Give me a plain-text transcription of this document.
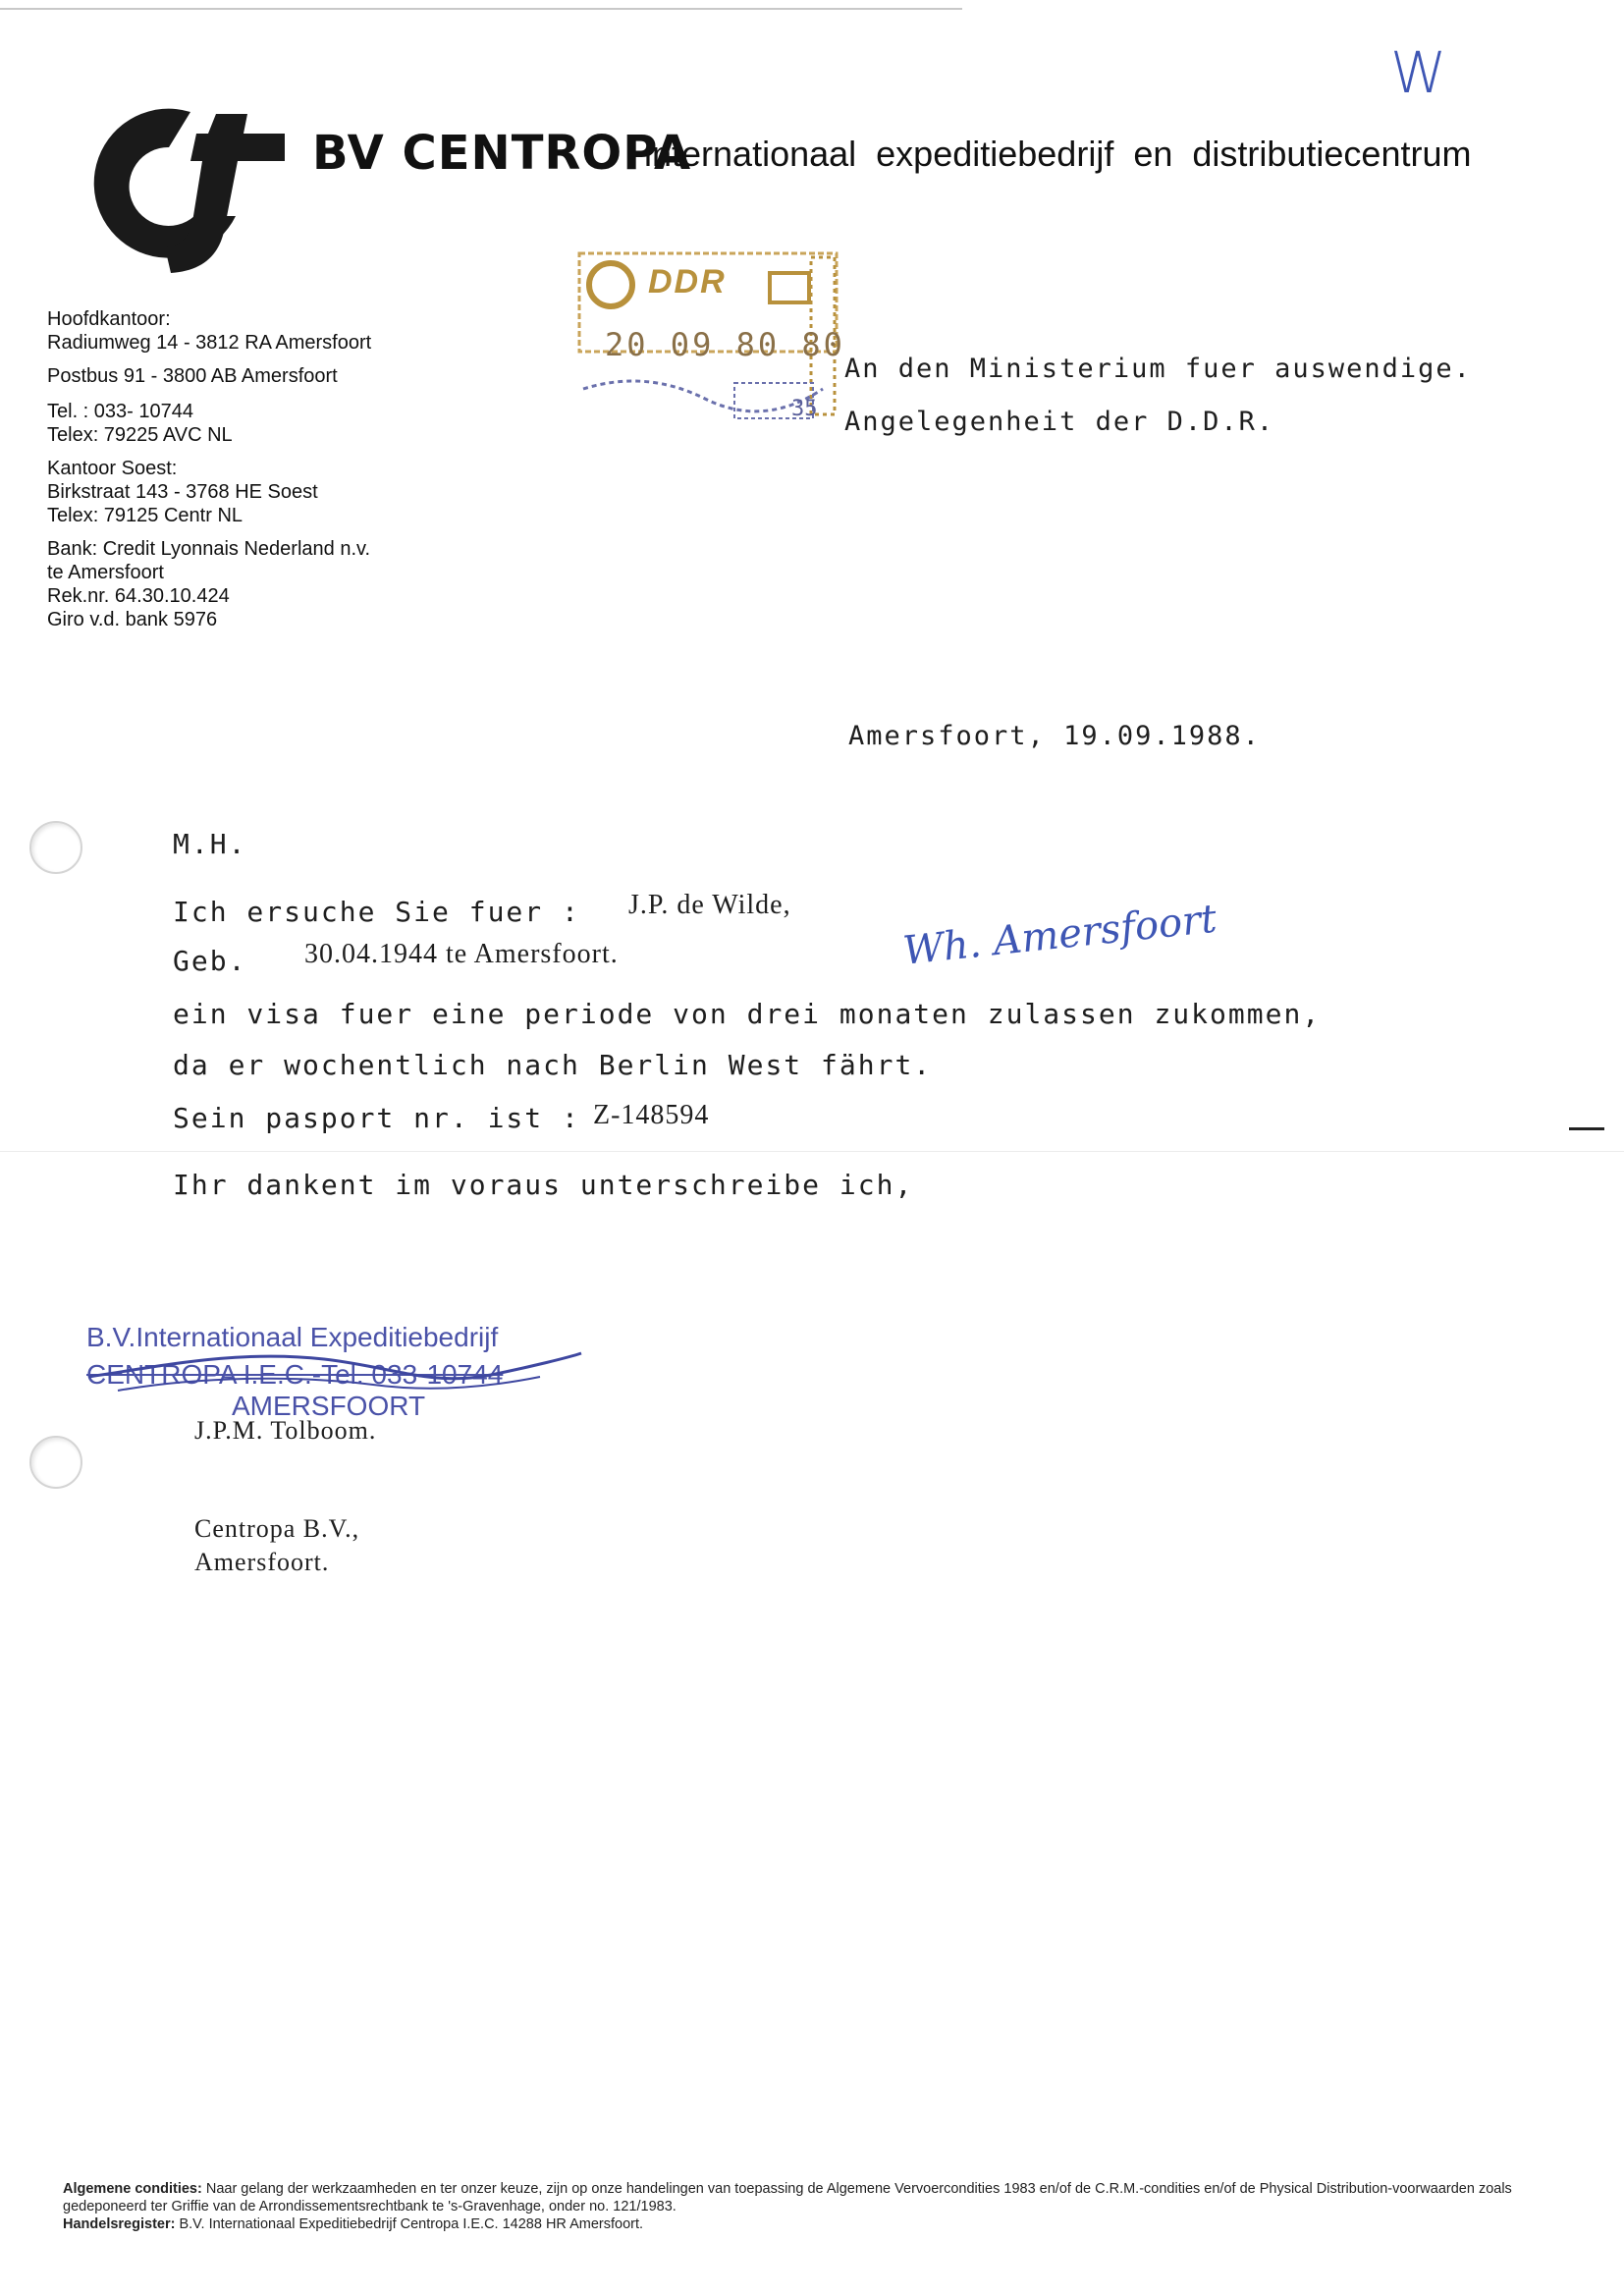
BV CENTROPA
internationaal expeditiebedrijf en distributiecentrum
Hoofdkantoor:
Radiumweg 14 - 3812 RA Amersfoort
Postbus 91 - 3800 AB Amersfoort
Tel. : 033- 10744
Telex: 79225 AVC NL
Kantoor Soest:
Birkstraat 143 - 3768 HE Soest
Telex: 79125 Centr NL
Bank: Credit Lyonnais Nederland n.v.
te Amersfoort
Rek.nr. 64.30.10.424
Giro v.d. bank 5976
W
DDR
20 09 80 80
35
An den Ministerium fuer auswendige.
Angelegenheit der D.D.R.
Amersfoort, 19.09.1988.
M.H.
Ich ersuche Sie fuer : J.P. de Wilde,
Geb. 30.04.1944 te Amersfoort.	Wh. Amersfoort
ein visa fuer eine periode von drei monaten zulassen zukommen,
da er wochentlich nach Berlin West fährt.
Sein pasport nr. ist : Z-148594
Ihr dankent im voraus unterschreibe ich,
B.V.Internationaal Expeditiebedrijf
CENTROPA I.E.C.-Tel. 033-10744
AMERSFOORT
J.P.M. Tolboom.
Centropa B.V.,
Amersfoort.
Algemene condities: Naar gelang der werkzaamheden en ter onzer keuze, zijn op onze handelingen van toepassing de Algemene Vervoercondities 1983 en/of de C.R.M.-condities en/of de Physical Distribution-voorwaarden zoals gedeponeerd ter Griffie van de Arrondissementsrechtbank te 's-Gravenhage, onder no. 121/1983.
Handelsregister: B.V. Internationaal Expeditiebedrijf Centropa I.E.C. 14288 HR Amersfoort.
